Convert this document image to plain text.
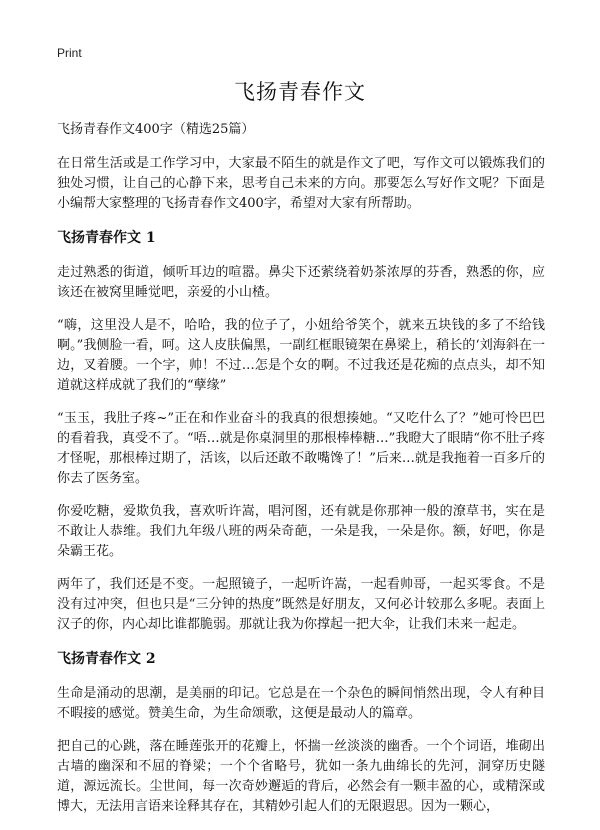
Print
飞扬青春作文
飞扬青春作文400字（精选25篇）

在日常生活或是工作学习中，大家最不陌生的就是作文了吧，写作文可以锻炼我们的独处习惯，让自己的心静下来，思考自己未来的方向。那要怎么写好作文呢？下面是小编帮大家整理的飞扬青春作文400字，希望对大家有所帮助。

飞扬青春作文 1

走过熟悉的街道，倾听耳边的喧嚣。鼻尖下还萦绕着奶茶浓厚的芬香，熟悉的你，应该还在被窝里睡觉吧，亲爱的小山楂。

“嗨，这里没人是不，哈哈，我的位子了，小妞给爷笑个，就来五块钱的多了不给钱啊。”我侧脸一看，呵。这人皮肤偏黑，一副红框眼镜架在鼻梁上，稍长的‘刘海斜在一边，叉着腰。一个字，帅！不过…怎是个女的啊。不过我还是花痴的点点头，却不知道就这样成就了我们的“孽缘”

“玉玉，我肚子疼~”正在和作业奋斗的我真的很想揍她。“又吃什么了？”她可怜巴巴的看着我，真受不了。“唔…就是你桌洞里的那根棒棒糖…”我瞪大了眼睛“你不肚子疼才怪呢，那根棒过期了，活该，以后还敢不敢嘴馋了！”后来…就是我拖着一百多斤的你去了医务室。

你爱吃糖，爱欺负我，喜欢听许嵩，唱河图，还有就是你那神一般的潦草书，实在是不敢让人恭维。我们九年级八班的两朵奇葩，一朵是我，一朵是你。额，好吧，你是朵霸王花。

两年了，我们还是不变。一起照镜子，一起听许嵩，一起看帅哥，一起买零食。不是没有过冲突，但也只是“三分钟的热度”既然是好朋友，又何必计较那么多呢。表面上汉子的你，内心却比谁都脆弱。那就让我为你撑起一把大伞，让我们未来一起走。

飞扬青春作文 2

生命是涌动的思潮，是美丽的印记。它总是在一个杂色的瞬间悄然出现，令人有种目不暇接的感觉。赞美生命，为生命颂歌，这便是最动人的篇章。

把自己的心跳，落在睡莲张开的花瓣上，怀揣一丝淡淡的幽香。一个个词语，堆砌出古墙的幽深和不屈的脊梁；一个个省略号，犹如一条九曲绵长的先河，洞穿历史隧道，源远流长。尘世间，每一次奇妙邂逅的背后，必然会有一颗丰盈的心，或精深或博大，无法用言语来诠释其存在，其精妙引起人们的无限遐思。因为一颗心，
